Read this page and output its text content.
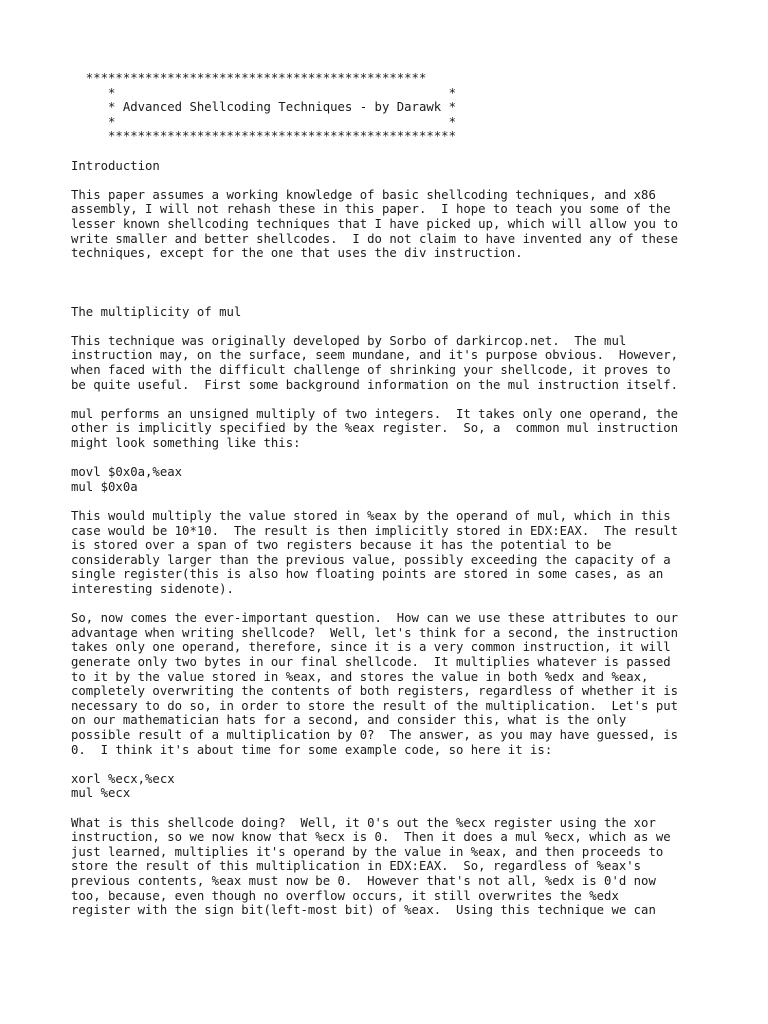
**********************************************
*                                             *
* Advanced Shellcoding Techniques - by Darawk *
*                                             *
***********************************************
Introduction
This paper assumes a working knowledge of basic shellcoding techniques, and x86
assembly, I will not rehash these in this paper.  I hope to teach you some of the
lesser known shellcoding techniques that I have picked up, which will allow you to
write smaller and better shellcodes.  I do not claim to have invented any of these
techniques, except for the one that uses the div instruction.
The multiplicity of mul
This technique was originally developed by Sorbo of darkircop.net.  The mul
instruction may, on the surface, seem mundane, and it's purpose obvious.  However,
when faced with the difficult challenge of shrinking your shellcode, it proves to
be quite useful.  First some background information on the mul instruction itself.
mul performs an unsigned multiply of two integers.  It takes only one operand, the
other is implicitly specified by the %eax register.  So, a  common mul instruction
might look something like this:
movl $0x0a,%eax
mul $0x0a
This would multiply the value stored in %eax by the operand of mul, which in this
case would be 10*10.  The result is then implicitly stored in EDX:EAX.  The result
is stored over a span of two registers because it has the potential to be
considerably larger than the previous value, possibly exceeding the capacity of a
single register(this is also how floating points are stored in some cases, as an
interesting sidenote).
So, now comes the ever-important question.  How can we use these attributes to our
advantage when writing shellcode?  Well, let's think for a second, the instruction
takes only one operand, therefore, since it is a very common instruction, it will
generate only two bytes in our final shellcode.  It multiplies whatever is passed
to it by the value stored in %eax, and stores the value in both %edx and %eax,
completely overwriting the contents of both registers, regardless of whether it is
necessary to do so, in order to store the result of the multiplication.  Let's put
on our mathematician hats for a second, and consider this, what is the only
possible result of a multiplication by 0?  The answer, as you may have guessed, is
0.  I think it's about time for some example code, so here it is:
xorl %ecx,%ecx
mul %ecx
What is this shellcode doing?  Well, it 0's out the %ecx register using the xor
instruction, so we now know that %ecx is 0.  Then it does a mul %ecx, which as we
just learned, multiplies it's operand by the value in %eax, and then proceeds to
store the result of this multiplication in EDX:EAX.  So, regardless of %eax's
previous contents, %eax must now be 0.  However that's not all, %edx is 0'd now
too, because, even though no overflow occurs, it still overwrites the %edx
register with the sign bit(left-most bit) of %eax.  Using this technique we can
